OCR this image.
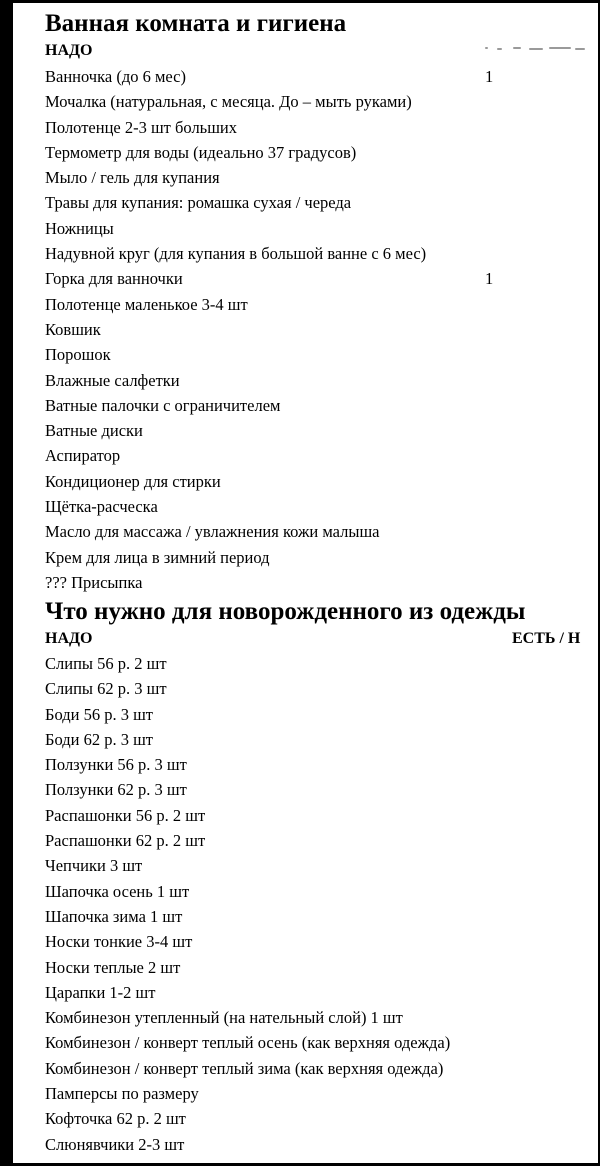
Ванная комната и гигиена
НАДО
Ванночка (до 6 мес)	1
Мочалка (натуральная, с месяца. До – мыть руками)
Полотенце 2-3 шт больших
Термометр для воды (идеально 37 градусов)
Мыло / гель для купания
Травы для купания: ромашка сухая / череда
Ножницы
Надувной круг (для купания в большой ванне с 6 мес)
Горка для ванночки	1
Полотенце маленькое 3-4 шт
Ковшик
Порошок
Влажные салфетки
Ватные палочки с ограничителем
Ватные диски
Аспиратор
Кондиционер для стирки
Щётка-расческа
Масло для массажа / увлажнения кожи малыша
Крем для лица в зимний период
??? Присыпка
Что нужно для новорожденного из одежды
НАДО	ЕСТЬ / Н
Слипы 56 р. 2 шт
Слипы 62 р. 3 шт
Боди 56 р. 3 шт
Боди 62 р. 3 шт
Ползунки 56 р. 3 шт
Ползунки 62 р. 3 шт
Распашонки 56 р. 2 шт
Распашонки 62 р. 2 шт
Чепчики 3 шт
Шапочка осень 1 шт
Шапочка зима 1 шт
Носки тонкие 3-4 шт
Носки теплые 2 шт
Царапки 1-2 шт
Комбинезон утепленный (на нательный слой) 1 шт
Комбинезон / конверт теплый осень (как верхняя одежда)
Комбинезон / конверт теплый зима (как верхняя одежда)
Памперсы по размеру
Кофточка 62 р. 2 шт
Слюнявчики 2-3 шт
